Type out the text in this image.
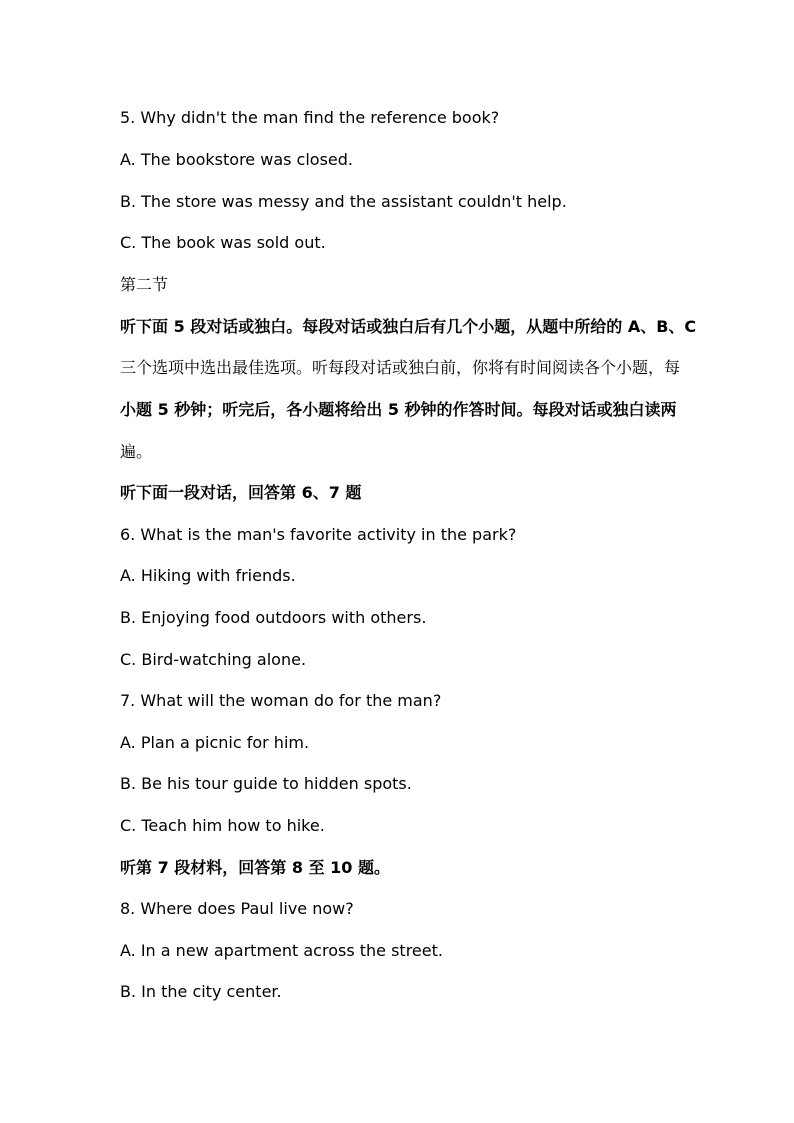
5. Why didn't the man find the reference book?
A. The bookstore was closed.
B. The store was messy and the assistant couldn't help.
C. The book was sold out.
第二节
听下面 5 段对话或独白。每段对话或独白后有几个小题，从题中所给的 A、B、C
三个选项中选出最佳选项。听每段对话或独白前，你将有时间阅读各个小题，每
小题 5 秒钟；听完后，各小题将给出 5 秒钟的作答时间。每段对话或独白读两
遍。
听下面一段对话，回答第 6、7 题
6. What is the man's favorite activity in the park?
A. Hiking with friends.
B. Enjoying food outdoors with others.
C. Bird-watching alone.
7. What will the woman do for the man?
A. Plan a picnic for him.
B. Be his tour guide to hidden spots.
C. Teach him how to hike.
听第 7 段材料，回答第 8 至 10 题。
8. Where does Paul live now?
A. In a new apartment across the street.
B. In the city center.
